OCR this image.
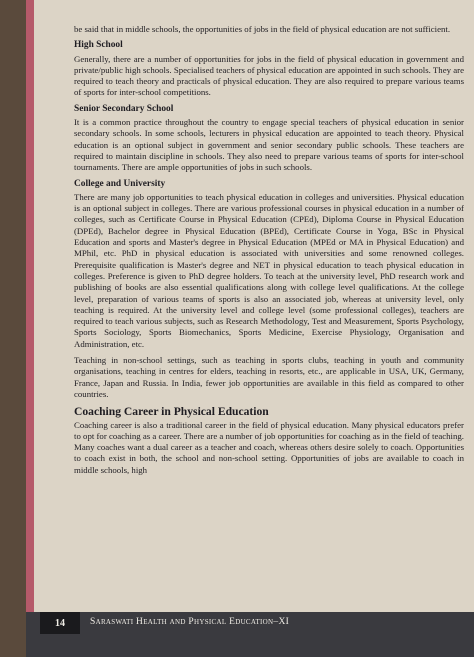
be said that in middle schools, the opportunities of jobs in the field of physical education are not sufficient.

High School

Generally, there are a number of opportunities for jobs in the field of physical education in government and private/public high schools. Specialised teachers of physical education are appointed in such schools. They are required to teach theory and practicals of physical education. They are also required to prepare various teams of sports for inter-school competitions.

Senior Secondary School

It is a common practice throughout the country to engage special teachers of physical education in senior secondary schools. In some schools, lecturers in physical education are appointed to teach theory. Physical education is an optional subject in government and senior secondary public schools. These teachers are required to maintain discipline in schools. They also need to prepare various teams of sports for inter-school tournaments. There are ample opportunities of jobs in such schools.

College and University

There are many job opportunities to teach physical education in colleges and universities. Physical education is an optional subject in colleges. There are various professional courses in physical education in a number of colleges, such as Certificate Course in Physical Education (CPEd), Diploma Course in Physical Education (DPEd), Bachelor degree in Physical Education (BPEd), Certificate Course in Yoga, BSc in Physical Education and sports and Master's degree in Physical Education (MPEd or MA in Physical Education) and MPhil, etc. PhD in physical education is associated with universities and some renowned colleges. Prerequisite qualification is Master's degree and NET in physical education to teach physical education in colleges. Preference is given to PhD degree holders. To teach at the university level, PhD research work and publishing of books are also essential qualifications along with college level qualifications. At the college level, preparation of various teams of sports is also an associated job, whereas at university level, only teaching is required. At the university level and college level (some professional colleges), teachers are required to teach various subjects, such as Research Methodology, Test and Measurement, Sports Psychology, Sports Sociology, Sports Biomechanics, Sports Medicine, Exercise Physiology, Organisation and Administration, etc.

Teaching in non-school settings, such as teaching in sports clubs, teaching in youth and community organisations, teaching in centres for elders, teaching in resorts, etc., are applicable in USA, UK, Germany, France, Japan and Russia. In India, fewer job opportunities are available in this field as compared to other countries.

Coaching Career in Physical Education

Coaching career is also a traditional career in the field of physical education. Many physical educators prefer to opt for coaching as a career. There are a number of job opportunities for coaching as in the field of teaching. Many coaches want a dual career as a teacher and coach, whereas others desire solely to coach. Opportunities to coach exist in both, the school and non-school setting. Opportunities of jobs are available to coach in middle schools, high

14	Saraswati Health and Physical Education–XI
